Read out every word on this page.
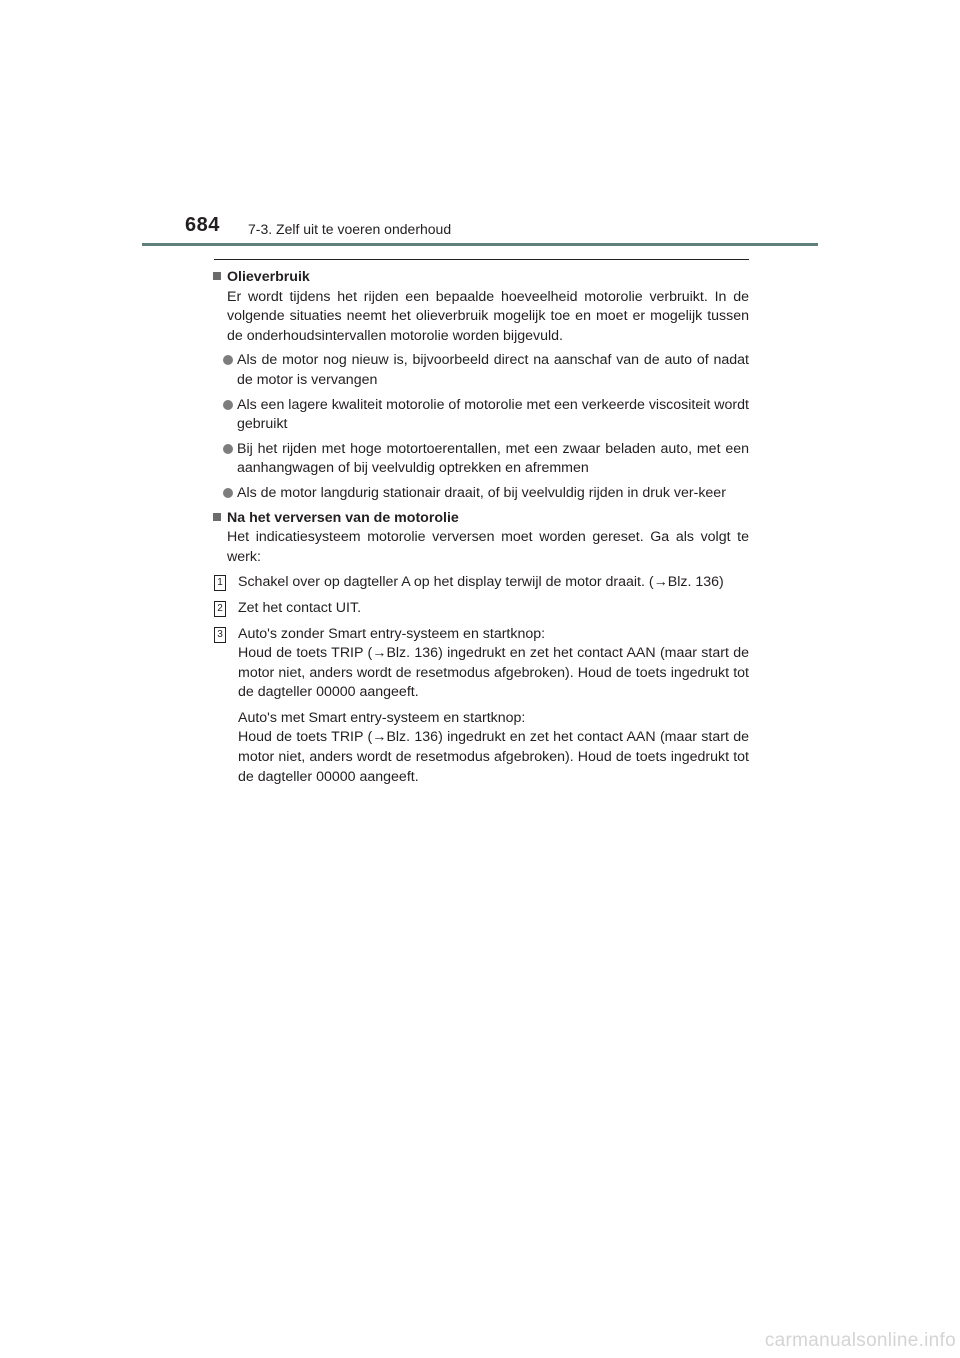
684 7-3. Zelf uit te voeren onderhoud
Olieverbruik
Er wordt tijdens het rijden een bepaalde hoeveelheid motorolie verbruikt. In de volgende situaties neemt het olieverbruik mogelijk toe en moet er mogelijk tussen de onderhoudsintervallen motorolie worden bijgevuld.
Als de motor nog nieuw is, bijvoorbeeld direct na aanschaf van de auto of nadat de motor is vervangen
Als een lagere kwaliteit motorolie of motorolie met een verkeerde viscositeit wordt gebruikt
Bij het rijden met hoge motortoerentallen, met een zwaar beladen auto, met een aanhangwagen of bij veelvuldig optrekken en afremmen
Als de motor langdurig stationair draait, of bij veelvuldig rijden in druk ver-keer
Na het verversen van de motorolie
Het indicatiesysteem motorolie verversen moet worden gereset. Ga als volgt te werk:
1 Schakel over op dagteller A op het display terwijl de motor draait. (→Blz. 136)
2 Zet het contact UIT.
3 Auto's zonder Smart entry-systeem en startknop:
Houd de toets TRIP (→Blz. 136) ingedrukt en zet het contact AAN (maar start de motor niet, anders wordt de resetmodus afgebroken). Houd de toets ingedrukt tot de dagteller 00000 aangeeft.
Auto's met Smart entry-systeem en startknop:
Houd de toets TRIP (→Blz. 136) ingedrukt en zet het contact AAN (maar start de motor niet, anders wordt de resetmodus afgebroken). Houd de toets ingedrukt tot de dagteller 00000 aangeeft.
carmanualsonline.info
